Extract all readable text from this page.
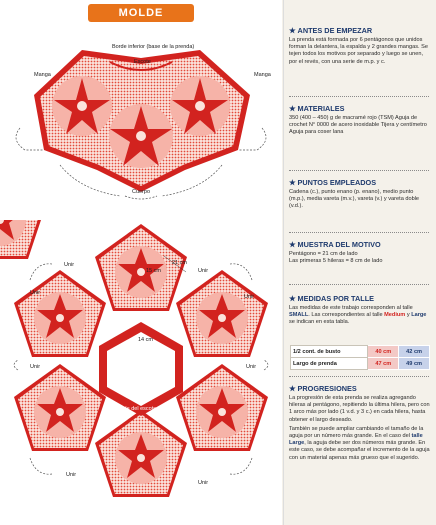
MOLDE
Borde inferior (base de la prenda)
Escote
Manga	Manga
Cuerpo
21 cm
15 cm
14 cm
Borde del escote
Unir
Unir
Unir
Unir
Unir	Unir
Unir
Unir
★ ANTES DE EMPEZAR

La prenda está formada por 6 pentágonos que unidos forman la delantera, la espalda y 2 grandes mangas. Se tejen todos los motivos por separado y luego se unen, por el revés, con una serie de m.p. y c.

★ MATERIALES

350 (400 – 450) g de macramé rojo (TSM) Aguja de crochet N° 0000 de acero inoxidable Tijera y centímetro Aguja para coser lana

★ PUNTOS EMPLEADOS

Cadena (c.), punto enano (p. enano), medio punto (m.p.), media vareta (m.v.), vareta (v.) y vareta doble (v.d.).

★ MUESTRA DEL MOTIVO

Pentágono = 21 cm de lado

Las primeras 5 hileras = 8 cm de lado

★ MEDIDAS POR TALLE

Las medidas de este trabajo corresponden al talle SMALL. Las correspondientes al talle Medium y Large se indican en esta tabla.

1/2 cont. de busto	40 cm	42 cm
Largo de prenda	47 cm	49 cm
★ PROGRESIONES

La progresión de esta prenda se realiza agregando hileras al pentágono, repitiendo la última hilera, pero con 1 arco más por lado (1 v.d. y 3 c.) en cada hilera, hasta obtener el largo deseado.

También se puede ampliar cambiando el tamaño de la aguja por un número más grande. En el caso del talle Large, la aguja debe ser dos números más grande. En este caso, se debe acompañar el incremento de la aguja con un material apenas más grueso que el sugerido.
